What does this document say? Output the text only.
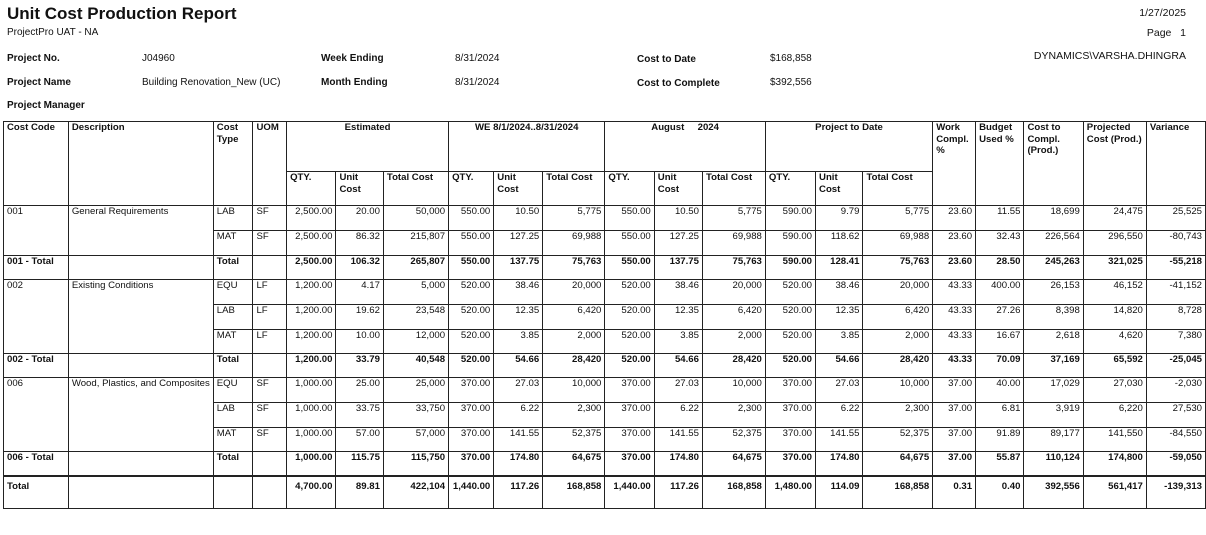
Unit Cost Production Report
ProjectPro UAT - NA
1/27/2025
Page 1
DYNAMICS\VARSHA.DHINGRA
Project No.	J04960
Project Name	Building Renovation_New (UC)
Project Manager
Week Ending	8/31/2024
Month Ending	8/31/2024
Cost to Date	$168,858
Cost to Complete	$392,556
Cost Code	Description	Cost Type	UOM	Estimated			WE 8/1/2024..8/31/2024			August     2024			Project to Date			Work Compl. %	Budget Used %	Cost to Compl. (Prod.)	Projected Cost (Prod.)	Variance
				QTY.	Unit Cost	Total Cost	QTY.	Unit Cost	Total Cost	QTY.	Unit Cost	Total Cost	QTY.	Unit Cost	Total Cost					
001	General Requirements	LAB	SF	2,500.00	20.00	50,000	550.00	10.50	5,775	550.00	10.50	5,775	590.00	9.79	5,775	23.60	11.55	18,699	24,475	25,525
		MAT	SF	2,500.00	86.32	215,807	550.00	127.25	69,988	550.00	127.25	69,988	590.00	118.62	69,988	23.60	32.43	226,564	296,550	-80,743
001 - Total		Total		2,500.00	106.32	265,807	550.00	137.75	75,763	550.00	137.75	75,763	590.00	128.41	75,763	23.60	28.50	245,263	321,025	-55,218
002	Existing Conditions	EQU	LF	1,200.00	4.17	5,000	520.00	38.46	20,000	520.00	38.46	20,000	520.00	38.46	20,000	43.33	400.00	26,153	46,152	-41,152
		LAB	LF	1,200.00	19.62	23,548	520.00	12.35	6,420	520.00	12.35	6,420	520.00	12.35	6,420	43.33	27.26	8,398	14,820	8,728
		MAT	LF	1,200.00	10.00	12,000	520.00	3.85	2,000	520.00	3.85	2,000	520.00	3.85	2,000	43.33	16.67	2,618	4,620	7,380
002 - Total		Total		1,200.00	33.79	40,548	520.00	54.66	28,420	520.00	54.66	28,420	520.00	54.66	28,420	43.33	70.09	37,169	65,592	-25,045
006	Wood, Plastics, and Composites	EQU	SF	1,000.00	25.00	25,000	370.00	27.03	10,000	370.00	27.03	10,000	370.00	27.03	10,000	37.00	40.00	17,029	27,030	-2,030
		LAB	SF	1,000.00	33.75	33,750	370.00	6.22	2,300	370.00	6.22	2,300	370.00	6.22	2,300	37.00	6.81	3,919	6,220	27,530
		MAT	SF	1,000.00	57.00	57,000	370.00	141.55	52,375	370.00	141.55	52,375	370.00	141.55	52,375	37.00	91.89	89,177	141,550	-84,550
006 - Total		Total		1,000.00	115.75	115,750	370.00	174.80	64,675	370.00	174.80	64,675	370.00	174.80	64,675	37.00	55.87	110,124	174,800	-59,050
Total				4,700.00	89.81	422,104	1,440.00	117.26	168,858	1,440.00	117.26	168,858	1,480.00	114.09	168,858	0.31	0.40	392,556	561,417	-139,313
